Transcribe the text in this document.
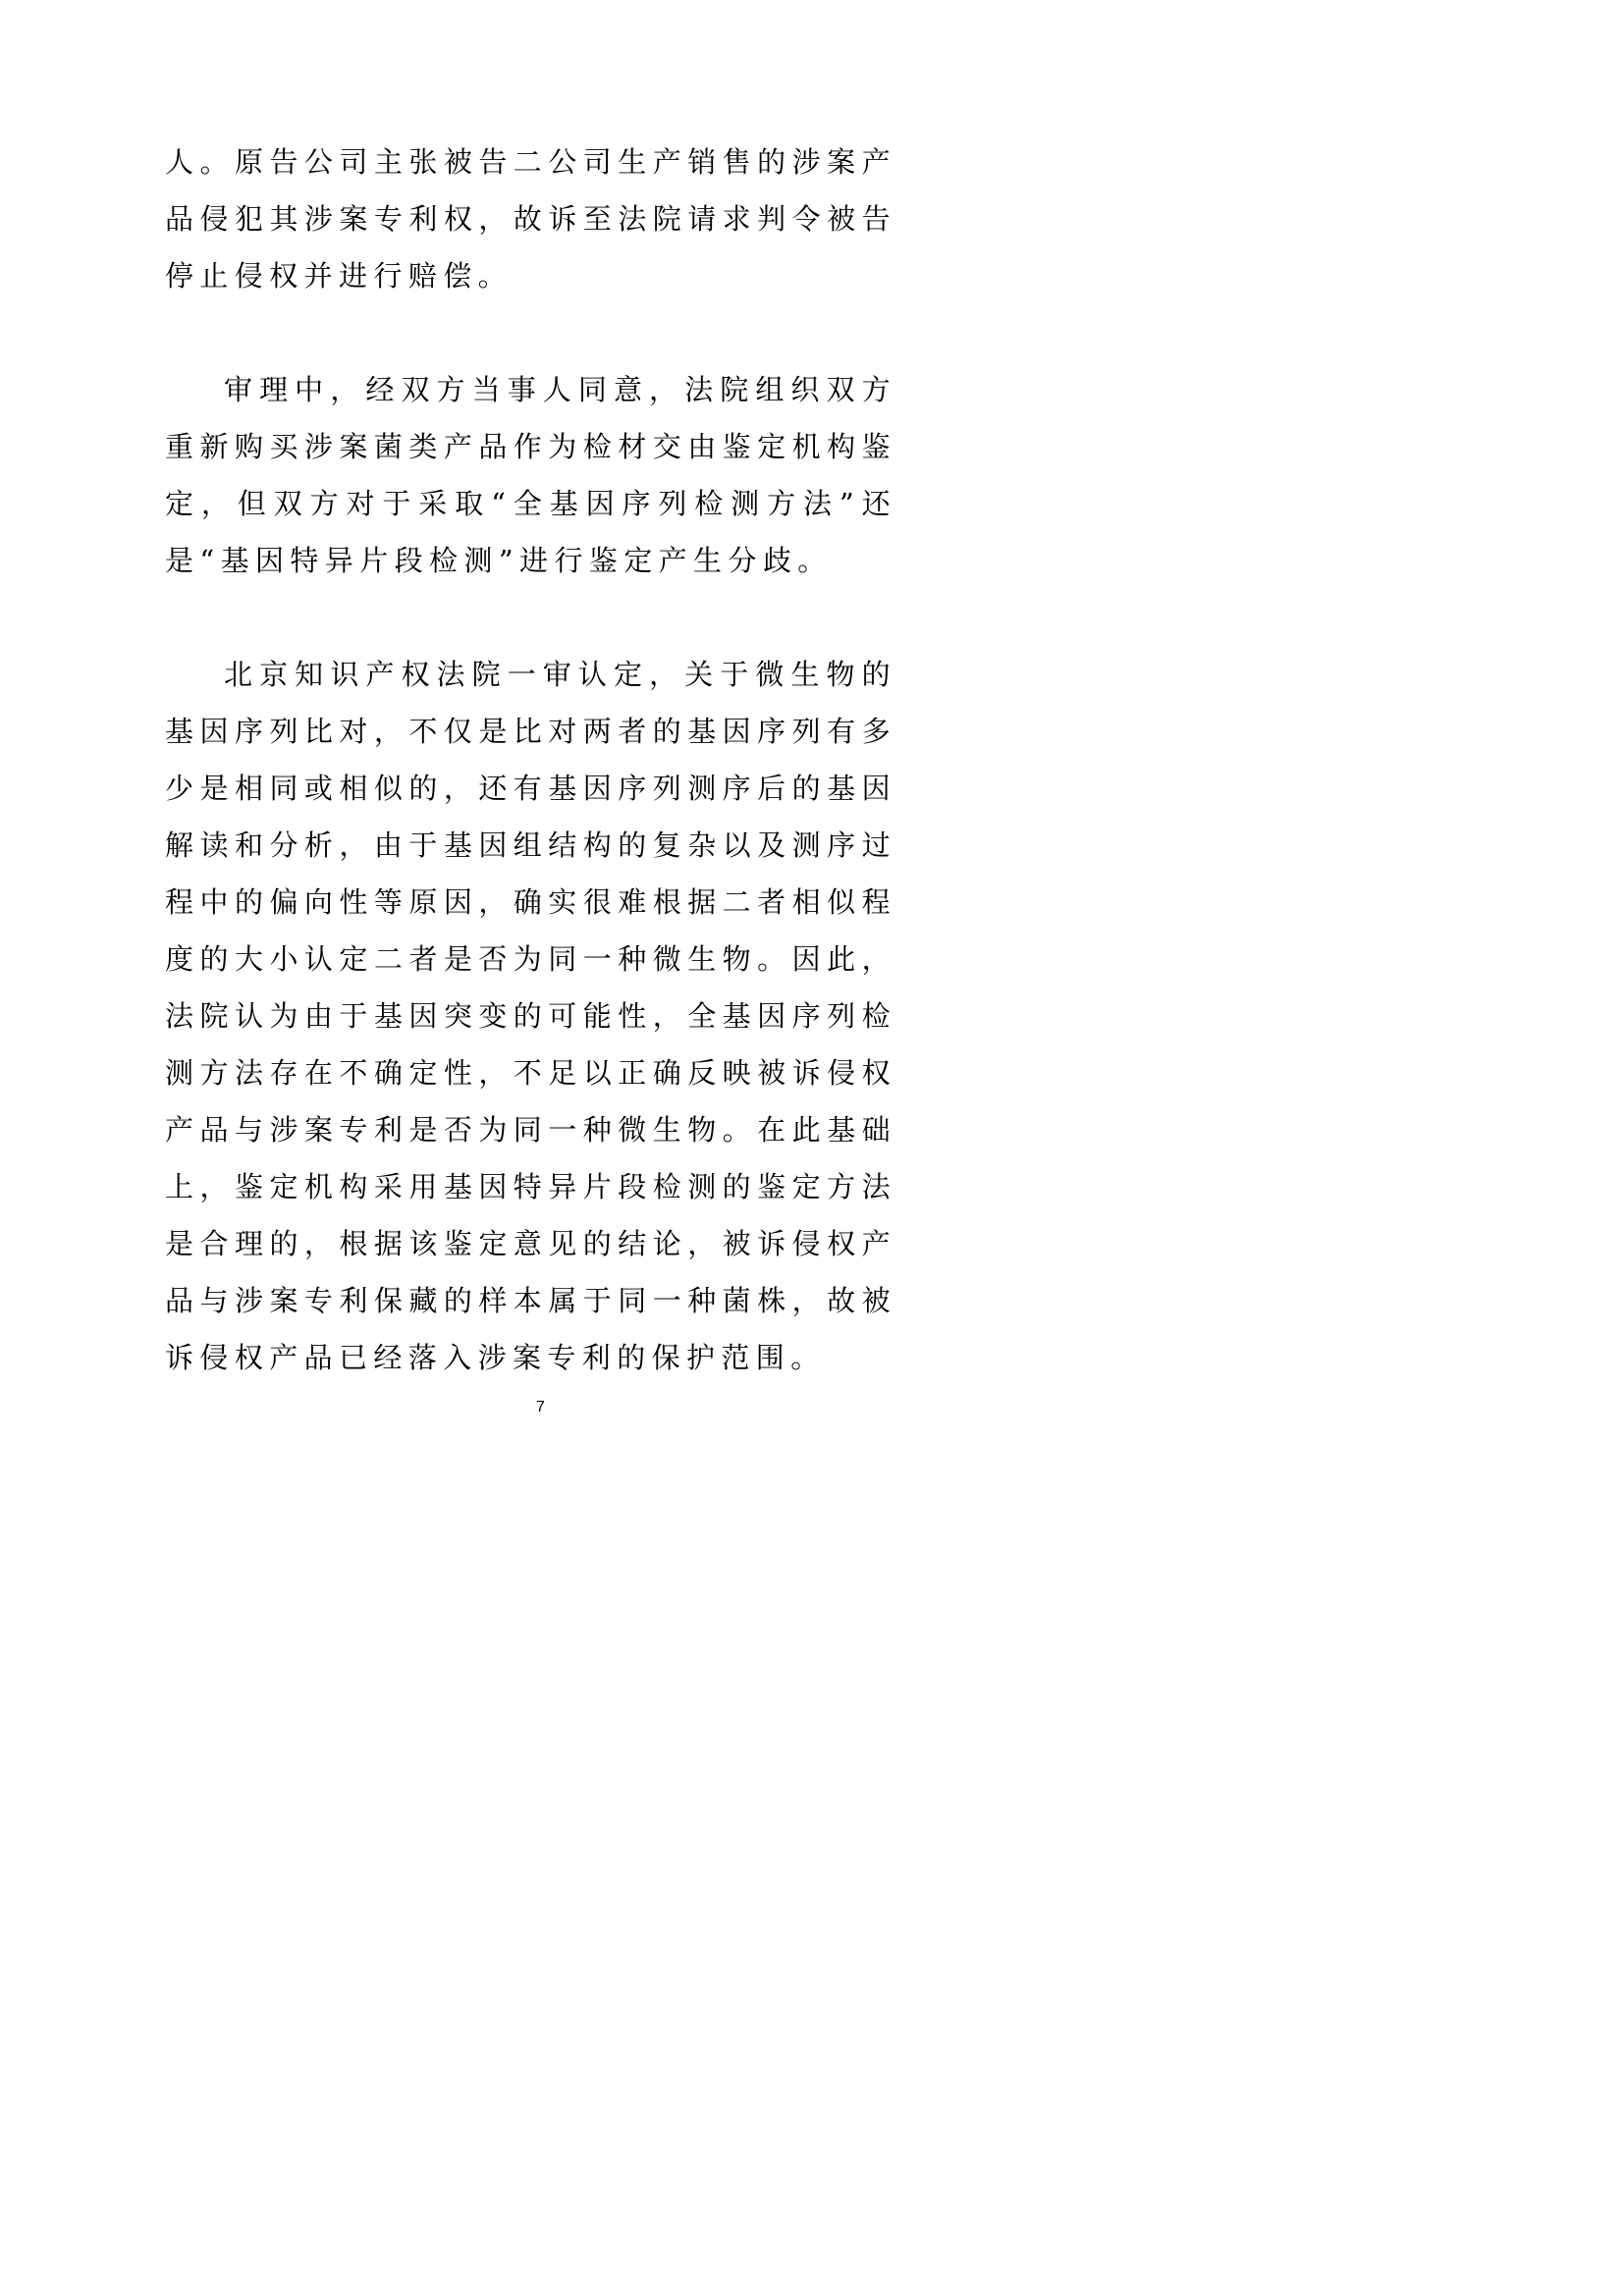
人。原告公司主张被告二公司生产销售的涉案产品侵犯其涉案专利权，故诉至法院请求判令被告停止侵权并进行赔偿。

审理中，经双方当事人同意，法院组织双方重新购买涉案菌类产品作为检材交由鉴定机构鉴定，但双方对于采取“全基因序列检测方法”还是“基因特异片段检测”进行鉴定产生分歧。

北京知识产权法院一审认定，关于微生物的基因序列比对，不仅是比对两者的基因序列有多少是相同或相似的，还有基因序列测序后的基因解读和分析，由于基因组结构的复杂以及测序过程中的偏向性等原因，确实很难根据二者相似程度的大小认定二者是否为同一种微生物。因此，法院认为由于基因突变的可能性，全基因序列检测方法存在不确定性，不足以正确反映被诉侵权产品与涉案专利是否为同一种微生物。在此基础上，鉴定机构采用基因特异片段检测的鉴定方法是合理的，根据该鉴定意见的结论，被诉侵权产品与涉案专利保藏的样本属于同一种菌株，故被诉侵权产品已经落入涉案专利的保护范围。

7
